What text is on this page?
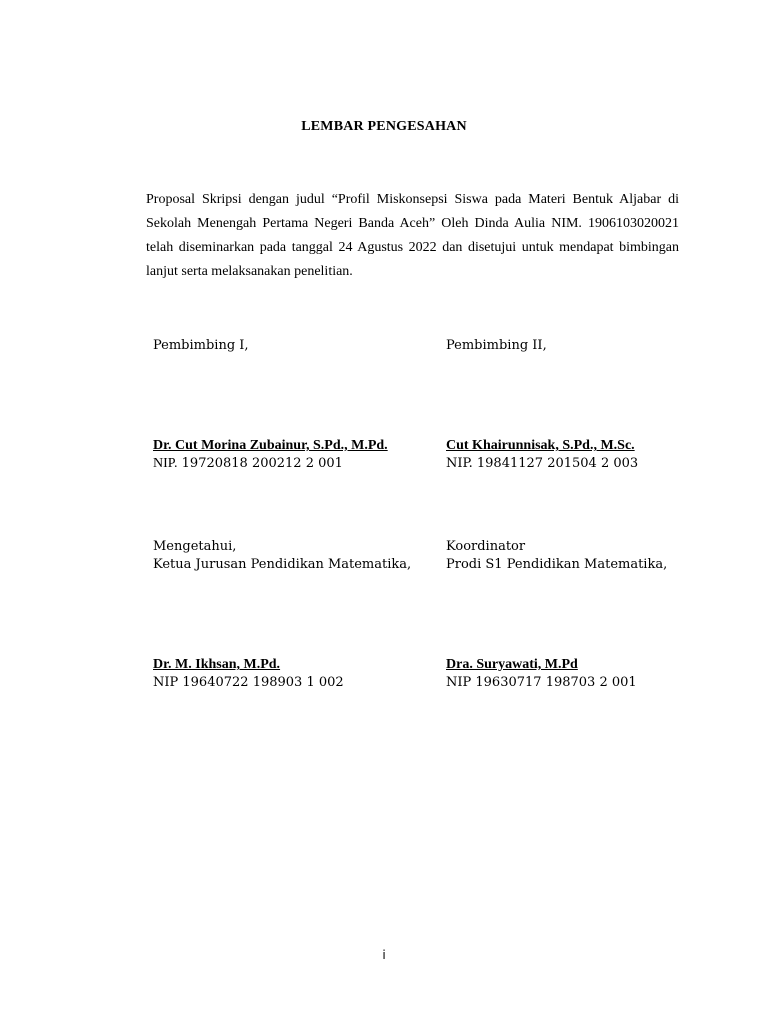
LEMBAR PENGESAHAN
Proposal Skripsi dengan judul “Profil Miskonsepsi Siswa pada Materi Bentuk Aljabar di Sekolah Menengah Pertama Negeri Banda Aceh” Oleh Dinda Aulia NIM. 1906103020021 telah diseminarkan pada tanggal 24 Agustus 2022 dan disetujui untuk mendapat bimbingan lanjut serta melaksanakan penelitian.
Pembimbing I,
Dr. Cut Morina Zubainur, S.Pd., M.Pd.
NIP. 19720818 200212 2 001
Pembimbing II,
Cut Khairunnisak, S.Pd., M.Sc.
NIP. 19841127 201504 2 003
Mengetahui,
Ketua Jurusan Pendidikan Matematika,
Dr. M. Ikhsan, M.Pd.
NIP 19640722 198903 1 002
Koordinator
Prodi S1 Pendidikan Matematika,
Dra. Suryawati, M.Pd
NIP 19630717 198703 2 001
i
